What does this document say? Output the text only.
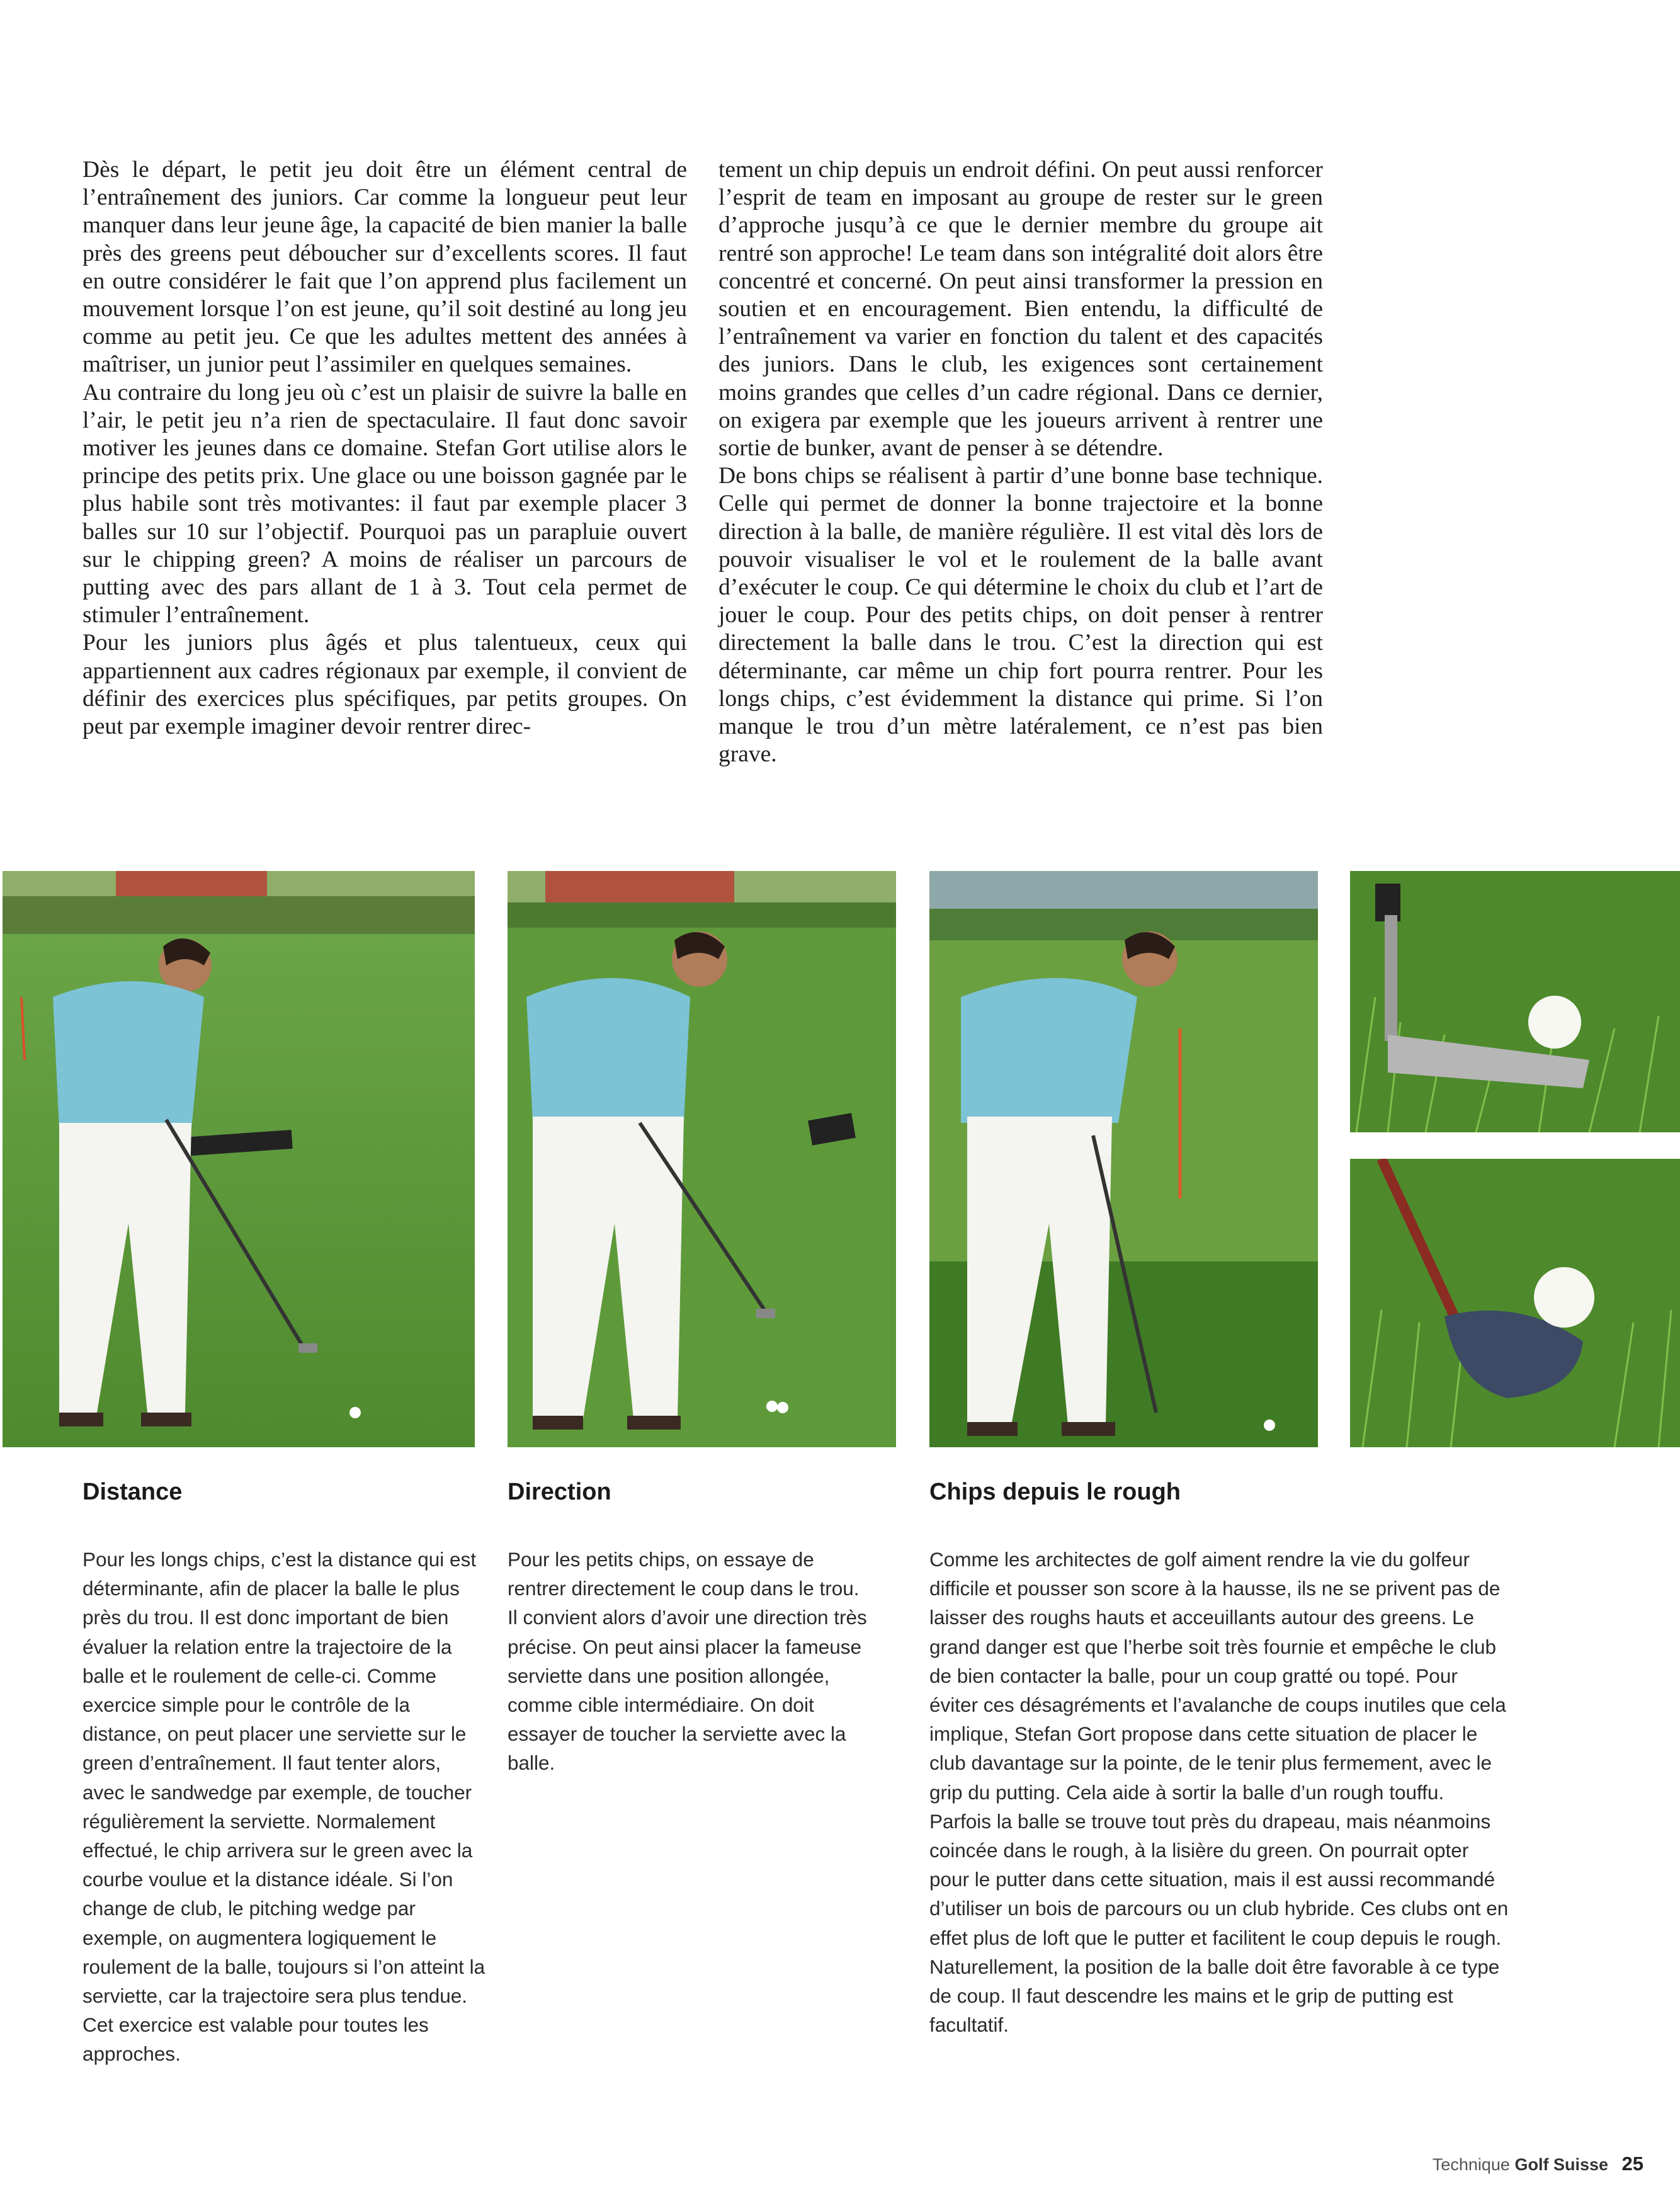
Dès le départ, le petit jeu doit être un élément central de l’entraînement des juniors. Car comme la longueur peut leur manquer dans leur jeune âge, la capacité de bien manier la balle près des greens peut déboucher sur d’excellents scores. Il faut en outre considérer le fait que l’on apprend plus facilement un mouvement lorsque l’on est jeune, qu’il soit destiné au long jeu comme au petit jeu. Ce que les adultes mettent des années à maîtriser, un junior peut l’assimiler en quelques semaines.

Au contraire du long jeu où c’est un plaisir de suivre la balle en l’air, le petit jeu n’a rien de spectaculaire. Il faut donc savoir motiver les jeunes dans ce domaine. Stefan Gort utilise alors le principe des petits prix. Une glace ou une boisson gagnée par le plus habile sont très motivantes: il faut par exemple placer 3 balles sur 10 sur l’objectif. Pourquoi pas un parapluie ouvert sur le chipping green? A moins de réaliser un parcours de putting avec des pars allant de 1 à 3. Tout cela permet de stimuler l’entraînement.

Pour les juniors plus âgés et plus talentueux, ceux qui appartiennent aux cadres régionaux par exemple, il convient de définir des exercices plus spécifiques, par petits groupes. On peut par exemple imaginer devoir rentrer direc-

tement un chip depuis un endroit défini. On peut aussi renforcer l’esprit de team en imposant au groupe de rester sur le green d’approche jusqu’à ce que le dernier membre du groupe ait rentré son approche! Le team dans son intégralité doit alors être concentré et concerné. On peut ainsi transformer la pression en soutien et en encouragement. Bien entendu, la difficulté de l’entraînement va varier en fonction du talent et des capacités des juniors. Dans le club, les exigences sont certainement moins grandes que celles d’un cadre régional. Dans ce dernier, on exigera par exemple que les joueurs arrivent à rentrer une sortie de bunker, avant de penser à se détendre.

De bons chips se réalisent à partir d’une bonne base technique. Celle qui permet de donner la bonne trajectoire et la bonne direction à la balle, de manière régulière. Il est vital dès lors de pouvoir visualiser le vol et le roulement de la balle avant d’exécuter le coup. Ce qui détermine le choix du club et l’art de jouer le coup. Pour des petits chips, on doit penser à rentrer directement la balle dans le trou. C’est la direction qui est déterminante, car même un chip fort pourra rentrer. Pour les longs chips, c’est évidemment la distance qui prime. Si l’on manque le trou d’un mètre latéralement, ce n’est pas bien grave.

Distance

Pour les longs chips, c’est la distance qui est déterminante, afin de placer la balle le plus près du trou. Il est donc important de bien évaluer la relation entre la trajectoire de la balle et le roulement de celle-ci. Comme exercice simple pour le contrôle de la distance, on peut placer une serviette sur le green d’entraînement. Il faut tenter alors, avec le sandwedge par exemple, de toucher régulièrement la serviette. Normalement effectué, le chip arrivera sur le green avec la courbe voulue et la distance idéale. Si l’on change de club, le pitching wedge par exemple, on augmentera logiquement le roulement de la balle, toujours si l’on atteint la serviette, car la trajectoire sera plus tendue. Cet exercice est valable pour toutes les approches.

Direction

Pour les petits chips, on essaye de rentrer directement le coup dans le trou. Il convient alors d’avoir une direction très précise. On peut ainsi placer la fameuse serviette dans une position allongée, comme cible intermédiaire. On doit essayer de toucher la serviette avec la balle.

Chips depuis le rough

Comme les architectes de golf aiment rendre la vie du golfeur difficile et pousser son score à la hausse, ils ne se privent pas de laisser des roughs hauts et acceuillants autour des greens. Le grand danger est que l’herbe soit très fournie et empêche le club de bien contacter la balle, pour un coup gratté ou topé. Pour éviter ces désagréments et l’avalanche de coups inutiles que cela implique, Stefan Gort propose dans cette situation de placer le club davantage sur la pointe, de le tenir plus fermement, avec le grip du putting. Cela aide à sortir la balle d’un rough touffu.

Parfois la balle se trouve tout près du drapeau, mais néanmoins coincée dans le rough, à la lisière du green. On pourrait opter pour le putter dans cette situation, mais il est aussi recommandé d’utiliser un bois de parcours ou un club hybride. Ces clubs ont en effet plus de loft que le putter et facilitent le coup depuis le rough. Naturellement, la position de la balle doit être favorable à ce type de coup. Il faut descendre les mains et le grip de putting est facultatif.

Technique Golf Suisse 25
